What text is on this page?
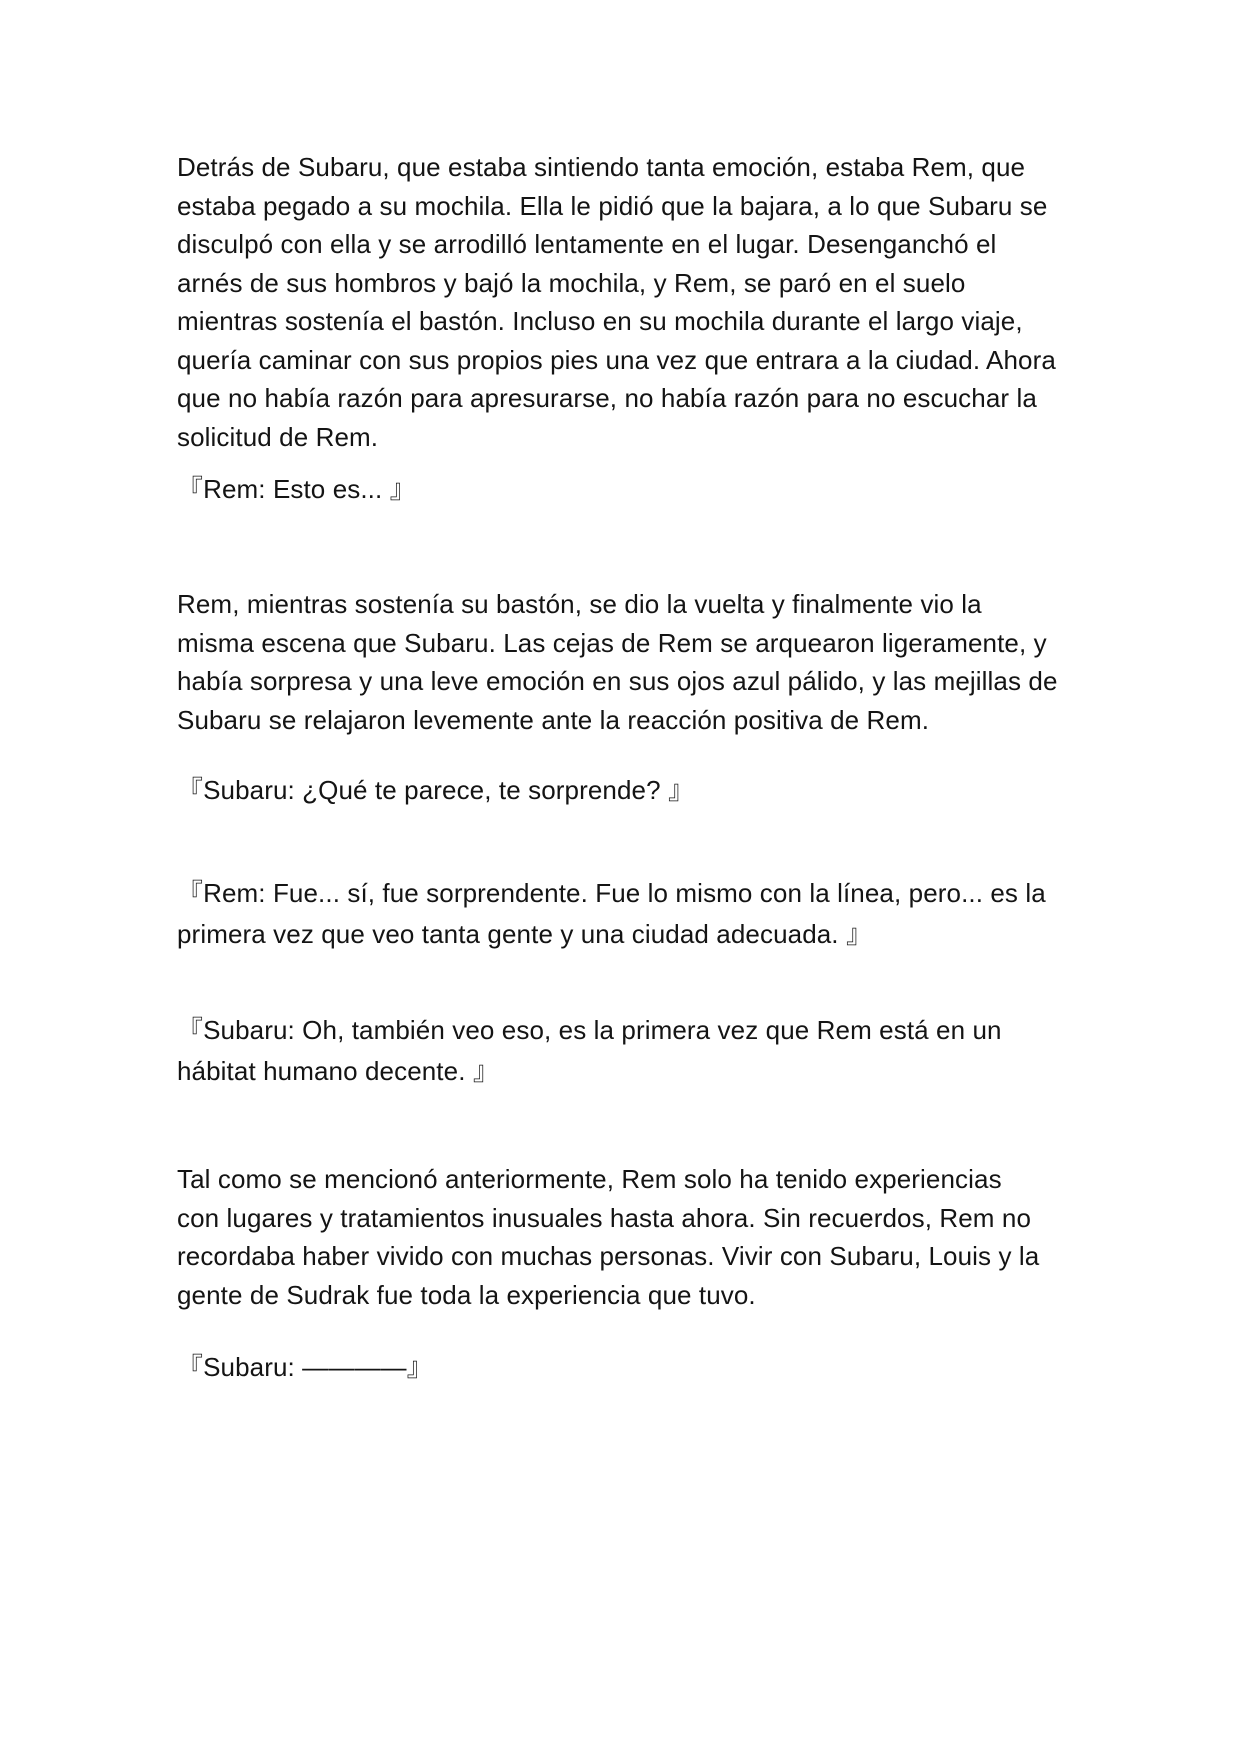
Detrás de Subaru, que estaba sintiendo tanta emoción, estaba Rem, que
estaba pegado a su mochila. Ella le pidió que la bajara, a lo que Subaru se
disculpó con ella y se arrodilló lentamente en el lugar. Desenganchó el
arnés de sus hombros y bajó la mochila, y Rem, se paró en el suelo
mientras sostenía el bastón. Incluso en su mochila durante el largo viaje,
quería caminar con sus propios pies una vez que entrara a la ciudad. Ahora
que no había razón para apresurarse, no había razón para no escuchar la
solicitud de Rem.

『Rem: Esto es... 』

Rem, mientras sostenía su bastón, se dio la vuelta y finalmente vio la
misma escena que Subaru. Las cejas de Rem se arquearon ligeramente, y
había sorpresa y una leve emoción en sus ojos azul pálido, y las mejillas de
Subaru se relajaron levemente ante la reacción positiva de Rem.

『Subaru: ¿Qué te parece, te sorprende? 』

『Rem: Fue... sí, fue sorprendente. Fue lo mismo con la línea, pero... es la
primera vez que veo tanta gente y una ciudad adecuada. 』

『Subaru: Oh, también veo eso, es la primera vez que Rem está en un
hábitat humano decente. 』

Tal como se mencionó anteriormente, Rem solo ha tenido experiencias
con lugares y tratamientos inusuales hasta ahora. Sin recuerdos, Rem no
recordaba haber vivido con muchas personas. Vivir con Subaru, Louis y la
gente de Sudrak fue toda la experiencia que tuvo.

『Subaru: ————』
